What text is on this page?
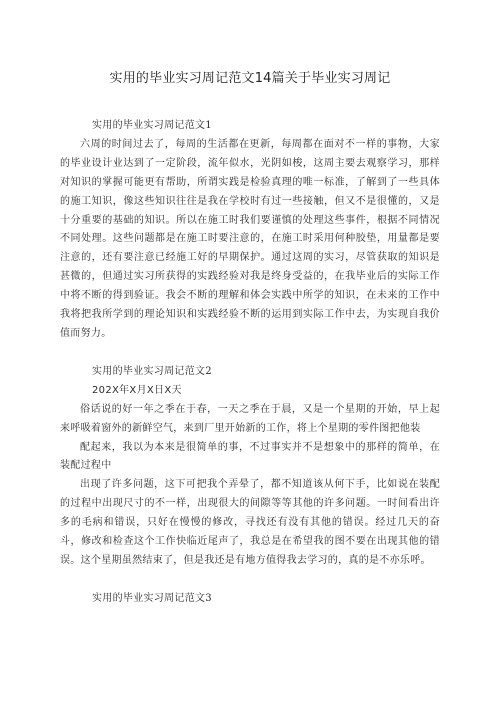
实用的毕业实习周记范文14篇关于毕业实习周记
实用的毕业实习周记范文1

六周的时间过去了，每周的生活都在更新，每周都在面对不一样的事物，大家的毕业设计业达到了一定阶段，流年似水，光阴如梭，这周主要去观察学习，那样对知识的掌握可能更有帮助，所谓实践是检验真理的唯一标准，了解到了一些具体的施工知识，像这些知识往往是我在学校时有过一些接触，但又不是很懂的，又是十分重要的基础的知识。所以在施工时我们要谨慎的处理这些事件，根据不同情况不同处理。这些问题都是在施工时要注意的，在施工时采用何种胶垫，用量都是要注意的，还有要注意已经施工好的早期保护。通过这周的实习，尽管获取的知识是甚微的，但通过实习所获得的实践经验对我是终身受益的，在我毕业后的实际工作中将不断的得到验证。我会不断的理解和体会实践中所学的知识，在未来的工作中我将把我所学到的理论知识和实践经验不断的运用到实际工作中去，为实现自我价值而努力。

实用的毕业实习周记范文2
202X年X月X日X天

俗话说的好一年之季在于春，一天之季在于晨，又是一个星期的开始，早上起来呼吸着窗外的新鲜空气，来到厂里开始新的工作，将上个星期的零件图把他装

配起来，我以为本来是很简单的事，不过事实并不是想象中的那样的简单，在装配过程中

出现了许多问题，这下可把我个弄晕了，都不知道该从何下手，比如说在装配的过程中出现尺寸的不一样，出现很大的间隙等等其他的许多问题。一时间看出许多的毛病和错误，只好在慢慢的修改，寻找还有没有其他的错误。经过几天的奋斗，修改和检查这个工作快临近尾声了，我总是在希望我的图不要在出现其他的错误。这个星期虽然结束了，但是我还是有地方值得我去学习的，真的是不亦乐呼。

实用的毕业实习周记范文3
